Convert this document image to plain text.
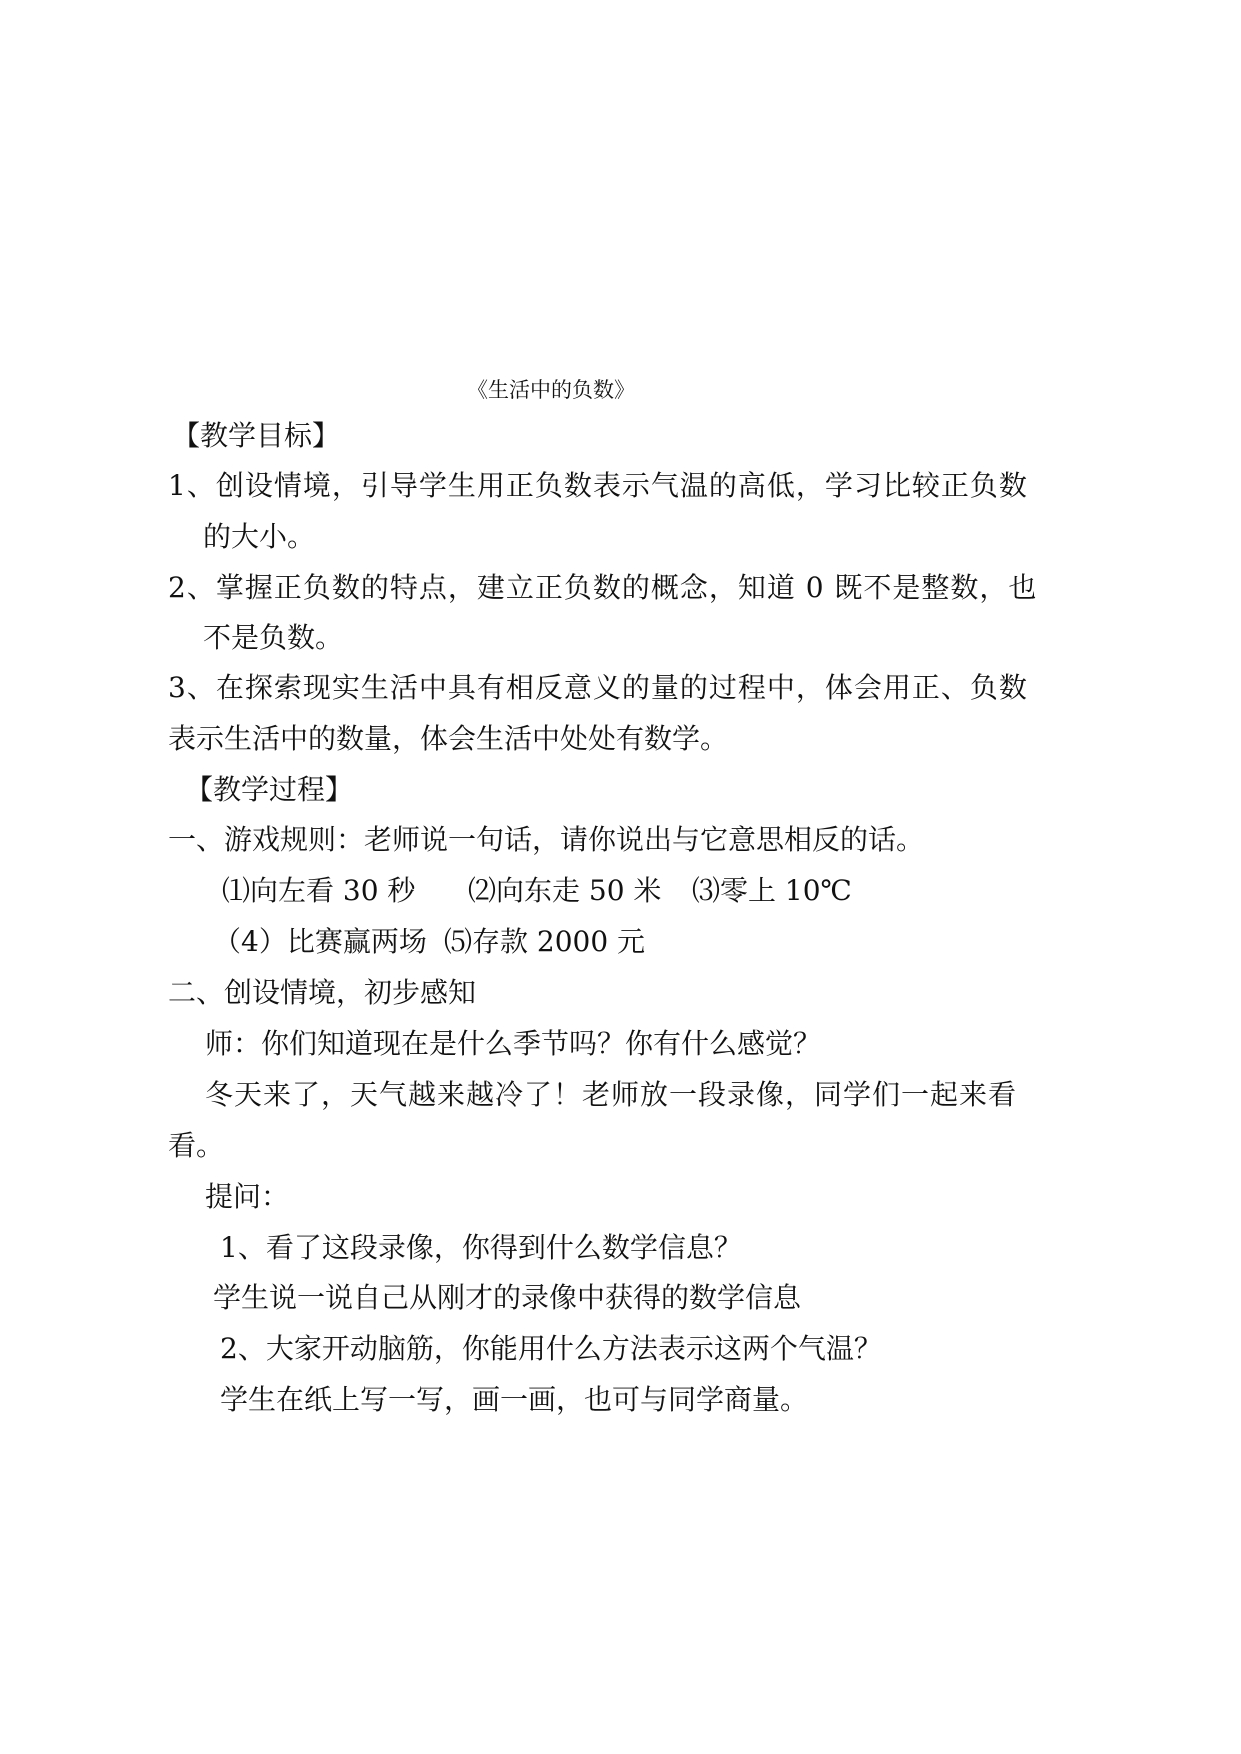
《生活中的负数》
【教学目标】
1、创设情境，引导学生用正负数表示气温的高低，学习比较正负数
的大小。
2、掌握正负数的特点，建立正负数的概念，知道 0 既不是整数，也
不是负数。
3、在探索现实生活中具有相反意义的量的过程中，体会用正、负数
表示生活中的数量，体会生活中处处有数学。
【教学过程】
一、游戏规则：老师说一句话，请你说出与它意思相反的话。
⑴向左看 30 秒 ⑵向东走 50 米 ⑶零上 10℃
（4）比赛赢两场 ⑸存款 2000 元
二、创设情境，初步感知
师：你们知道现在是什么季节吗？你有什么感觉？
冬天来了，天气越来越冷了！老师放一段录像，同学们一起来看
看。
提问：
1、看了这段录像，你得到什么数学信息？
学生说一说自己从刚才的录像中获得的数学信息
2、大家开动脑筋，你能用什么方法表示这两个气温？
学生在纸上写一写，画一画，也可与同学商量。
